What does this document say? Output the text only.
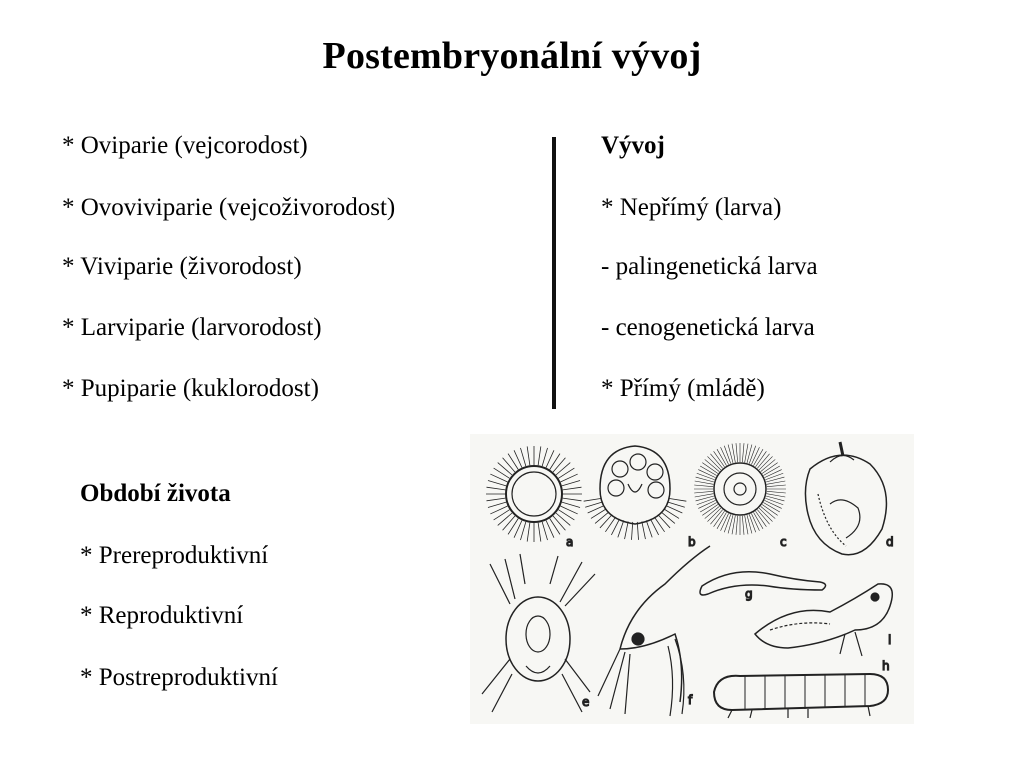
Postembryonální vývoj
* Oviparie (vejcorodost)
* Ovoviviparie (vejcoživorodost)
* Viviparie (živorodost)
* Larviparie (larvorodost)
* Pupiparie (kuklorodost)
Vývoj
* Nepřímý (larva)
- palingenetická larva
- cenogenetická larva
* Přímý (mládě)
Období života
* Prereproduktivní
* Reproduktivní
* Postreproduktivní
a	b	c	d
e	f
g
i
h
